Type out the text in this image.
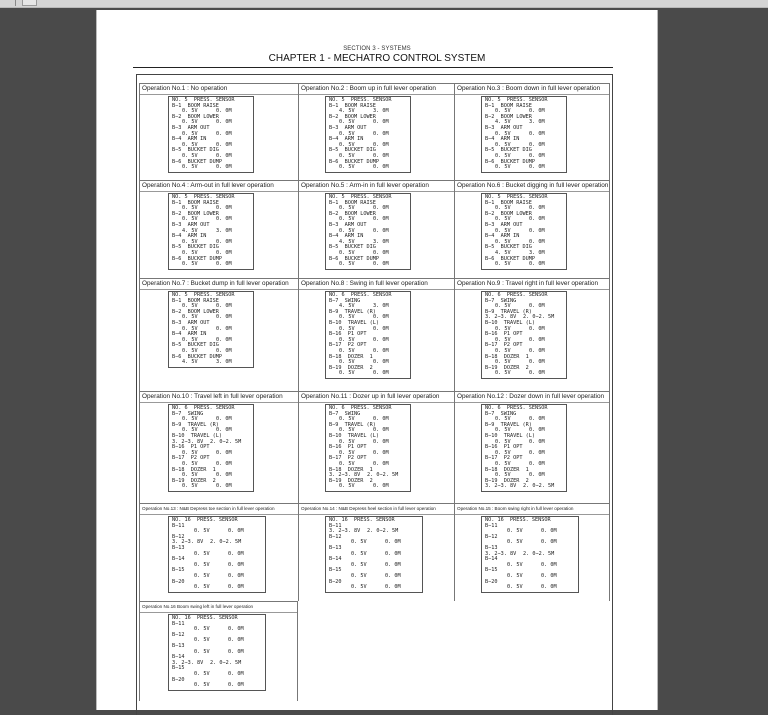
SECTION 3 - SYSTEMS
CHAPTER 1 - MECHATRO CONTROL SYSTEM
Operation No.1 : No operation
NO. 5  PRESS. SENSOR
B−1 BOOM RAISE
0. 5V	0. 0M
B−2 BOOM LOWER
0. 5V	0. 0M
B−3 ARM OUT
0. 5V	0. 0M
B−4 ARM IN
0. 5V	0. 0M
B−5 BUCKET DIG
0. 5V	0. 0M
B−6 BUCKET DUMP
0. 5V	0. 0M
Operation No.2 : Boom up in full lever operation
NO. 5  PRESS. SENSOR
B−1 BOOM RAISE
4. 5V	3. 0M
B−2 BOOM LOWER
0. 5V	0. 0M
B−3 ARM OUT
0. 5V	0. 0M
B−4 ARM IN
0. 5V	0. 0M
B−5 BUCKET DIG
0. 5V	0. 0M
B−6 BUCKET DUMP
0. 5V	0. 0M
Operation No.3 : Boom down in full lever operation
NO. 5  PRESS. SENSOR
B−1 BOOM RAISE
0. 5V	0. 0M
B−2 BOOM LOWER
4. 5V	3. 0M
B−3 ARM OUT
0. 5V	0. 0M
B−4 ARM IN
0. 5V	0. 0M
B−5 BUCKET DIG
0. 5V	0. 0M
B−6 BUCKET DUMP
0. 5V	0. 0M
Operation No.4 : Arm-out in full lever operation
NO. 5  PRESS. SENSOR
B−1 BOOM RAISE
0. 5V	0. 0M
B−2 BOOM LOWER
0. 5V	0. 0M
B−3 ARM OUT
4. 5V	3. 0M
B−4 ARM IN
0. 5V	0. 0M
B−5 BUCKET DIG
0. 5V	0. 0M
B−6 BUCKET DUMP
0. 5V	0. 0M
Operation No.5 : Arm-in in full lever operation
NO. 5  PRESS. SENSOR
B−1 BOOM RAISE
0. 5V	0. 0M
B−2 BOOM LOWER
0. 5V	0. 0M
B−3 ARM OUT
0. 5V	0. 0M
B−4 ARM IN
4. 5V	3. 0M
B−5 BUCKET DIG
0. 5V	0. 0M
B−6 BUCKET DUMP
0. 5V	0. 0M
Operation No.6 : Bucket digging in full lever operation
NO. 5  PRESS. SENSOR
B−1 BOOM RAISE
0. 5V	0. 0M
B−2 BOOM LOWER
0. 5V	0. 0M
B−3 ARM OUT
0. 5V	0. 0M
B−4 ARM IN
0. 5V	0. 0M
B−5 BUCKET DIG
4. 5V	3. 0M
B−6 BUCKET DUMP
0. 5V	0. 0M
Operation No.7 : Bucket dump in full lever operation
NO. 5  PRESS. SENSOR
B−1 BOOM RAISE
0. 5V	0. 0M
B−2 BOOM LOWER
0. 5V	0. 0M
B−3 ARM OUT
0. 5V	0. 0M
B−4 ARM IN
0. 5V	0. 0M
B−5 BUCKET DIG
0. 5V	0. 0M
B−6 BUCKET DUMP
4. 5V	3. 0M
Operation No.8 : Swing in full lever operation
NO. 6  PRESS. SENSOR
B−7 SWING
4. 5V	3. 0M
B−9 TRAVEL (R)
0. 5V	0. 0M
B−10 TRAVEL (L)
0. 5V	0. 0M
B−16 P1 OPT
0. 5V	0. 0M
B−17 P2 OPT
0. 5V	0. 0M
B−18 DOZER  1
0. 5V	0. 0M
B−19 DOZER  2
0. 5V	0. 0M
Operation No.9 : Travel right in full lever operation
NO. 6  PRESS. SENSOR
B−7 SWING
0. 5V	0. 0M
B−9 TRAVEL (R)
3. 2∼3. 8V 2. 0∼2. 5M
B−10 TRAVEL (L)
0. 5V	0. 0M
B−16 P1 OPT
0. 5V	0. 0M
B−17 P2 OPT
0. 5V	0. 0M
B−18 DOZER  1
0. 5V	0. 0M
B−19 DOZER  2
0. 5V	0. 0M
Operation No.10 : Travel left in full lever operation
NO. 6  PRESS. SENSOR
B−7 SWING
0. 5V	0. 0M
B−9 TRAVEL (R)
0. 5V	0. 0M
B−10 TRAVEL (L)
3. 2∼3. 8V 2. 0∼2. 5M
B−16 P1 OPT
0. 5V	0. 0M
B−17 P2 OPT
0. 5V	0. 0M
B−18 DOZER  1
0. 5V	0. 0M
B−19 DOZER  2
0. 5V	0. 0M
Operation No.11 : Dozer up in full lever operation
NO. 6  PRESS. SENSOR
B−7 SWING
0. 5V	0. 0M
B−9 TRAVEL (R)
0. 5V	0. 0M
B−10 TRAVEL (L)
0. 5V	0. 0M
B−16 P1 OPT
0. 5V	0. 0M
B−17 P2 OPT
0. 5V	0. 0M
B−18 DOZER  1
3. 2∼3. 8V 2. 0∼2. 5M
B−19 DOZER  2
0. 5V	0. 0M
Operation No.12 : Dozer down in full lever operation
NO. 6  PRESS. SENSOR
B−7 SWING
0. 5V	0. 0M
B−9 TRAVEL (R)
0. 5V	0. 0M
B−10 TRAVEL (L)
0. 5V	0. 0M
B−16 P1 OPT
0. 5V	0. 0M
B−17 P2 OPT
0. 5V	0. 0M
B−18 DOZER  1
0. 5V	0. 0M
B−19 DOZER  2
3. 2∼3. 8V 2. 0∼2. 5M
Operation No.13 : N&B Depress toe section in full lever operation
NO. 16  PRESS. SENSOR
B−11
0. 5V	0. 0M
B−12
3. 2∼3. 8V 2. 0∼2. 5M
B−13
0. 5V	0. 0M
B−14
0. 5V	0. 0M
B−15
0. 5V	0. 0M
B−20
0. 5V	0. 0M
Operation No.14 : N&B Depress heel section in full lever operation
NO. 16  PRESS. SENSOR
B−11
3. 2∼3. 8V 2. 0∼2. 5M
B−12
0. 5V	0. 0M
B−13
0. 5V	0. 0M
B−14
0. 5V	0. 0M
B−15
0. 5V	0. 0M
B−20
0. 5V	0. 0M
Operation No.15 : Boom swing right in full lever operation
NO. 16  PRESS. SENSOR
B−11
0. 5V	0. 0M
B−12
0. 5V	0. 0M
B−13
3. 2∼3. 8V 2. 0∼2. 5M
B−14
0. 5V	0. 0M
B−15
0. 5V	0. 0M
B−20
0. 5V	0. 0M
Operation No.16 Boom swing left in full lever operation
NO. 16  PRESS. SENSOR
B−11
0. 5V	0. 0M
B−12
0. 5V	0. 0M
B−13
0. 5V	0. 0M
B−14
3. 2∼3. 8V 2. 0∼2. 5M
B−15
0. 5V	0. 0M
B−20
0. 5V	0. 0M
